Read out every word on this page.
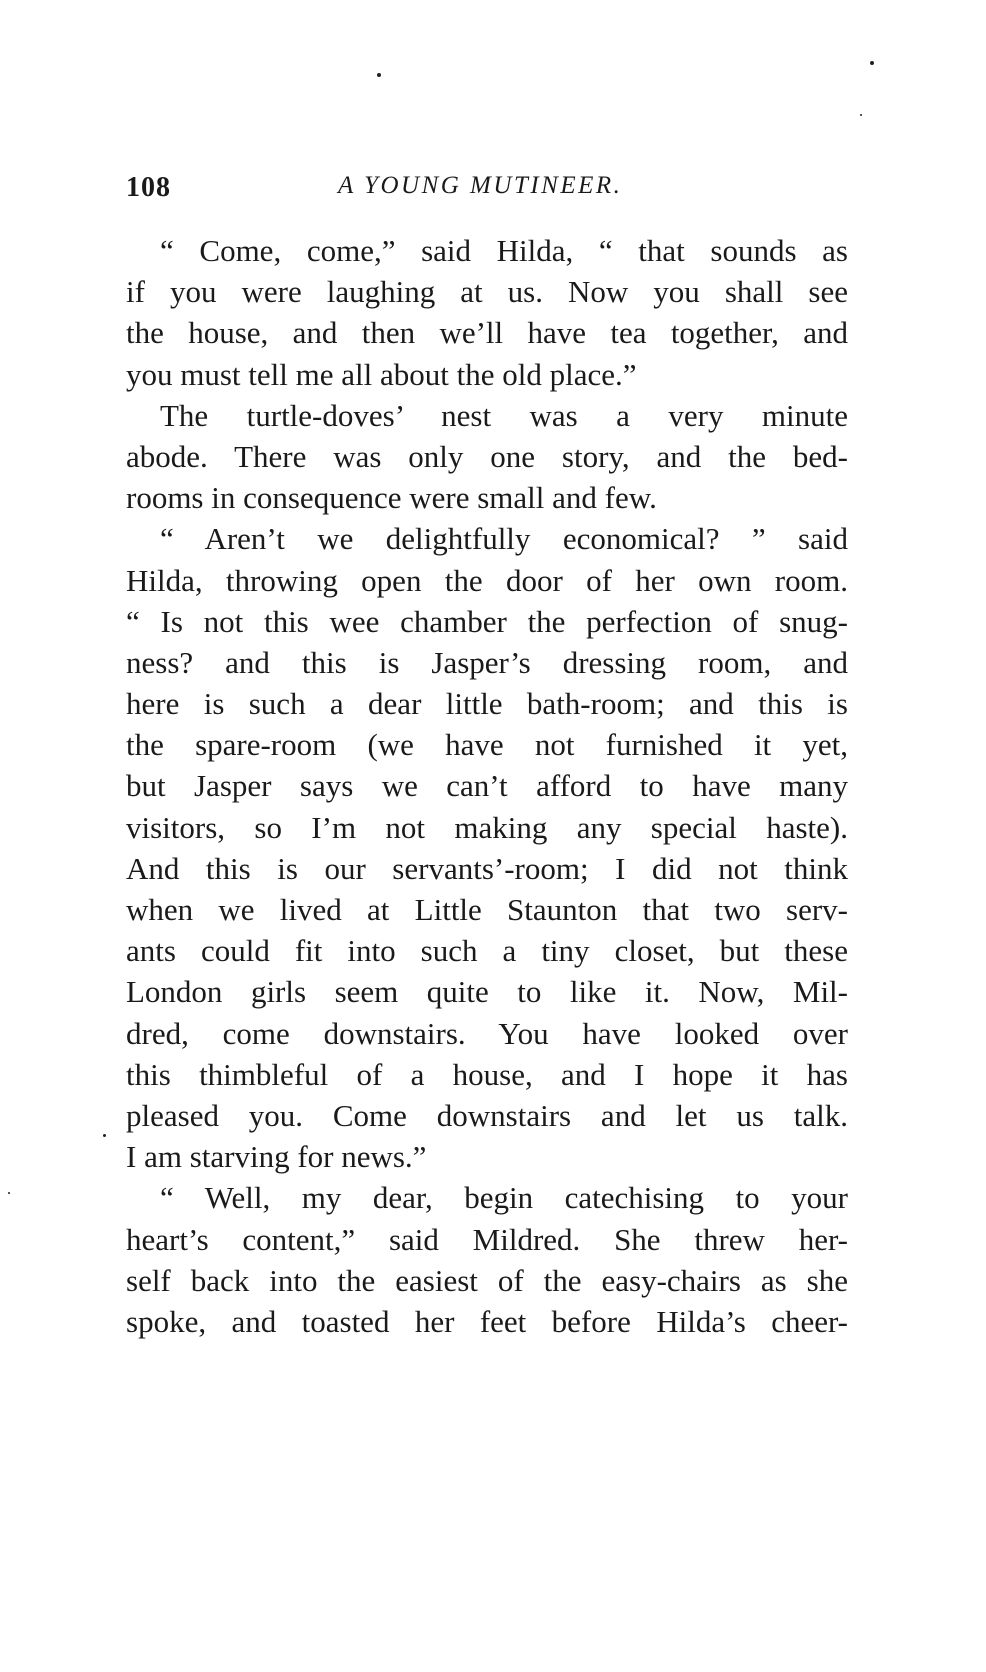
108	A YOUNG MUTINEER.
“ Come, come,” said Hilda, “ that sounds as
if you were laughing at us. Now you shall see
the house, and then we’ll have tea together, and
you must tell me all about the old place.”
The turtle-doves’ nest was a very minute
abode. There was only one story, and the bed-
rooms in consequence were small and few.
“ Aren’t we delightfully economical? ” said
Hilda, throwing open the door of her own room.
“ Is not this wee chamber the perfection of snug-
ness? and this is Jasper’s dressing room, and
here is such a dear little bath-room; and this is
the spare-room (we have not furnished it yet,
but Jasper says we can’t afford to have many
visitors, so I’m not making any special haste).
And this is our servants’-room; I did not think
when we lived at Little Staunton that two serv-
ants could fit into such a tiny closet, but these
London girls seem quite to like it. Now, Mil-
dred, come downstairs. You have looked over
this thimbleful of a house, and I hope it has
pleased you. Come downstairs and let us talk.
I am starving for news.”
“ Well, my dear, begin catechising to your
heart’s content,” said Mildred. She threw her-
self back into the easiest of the easy-chairs as she
spoke, and toasted her feet before Hilda’s cheer-
